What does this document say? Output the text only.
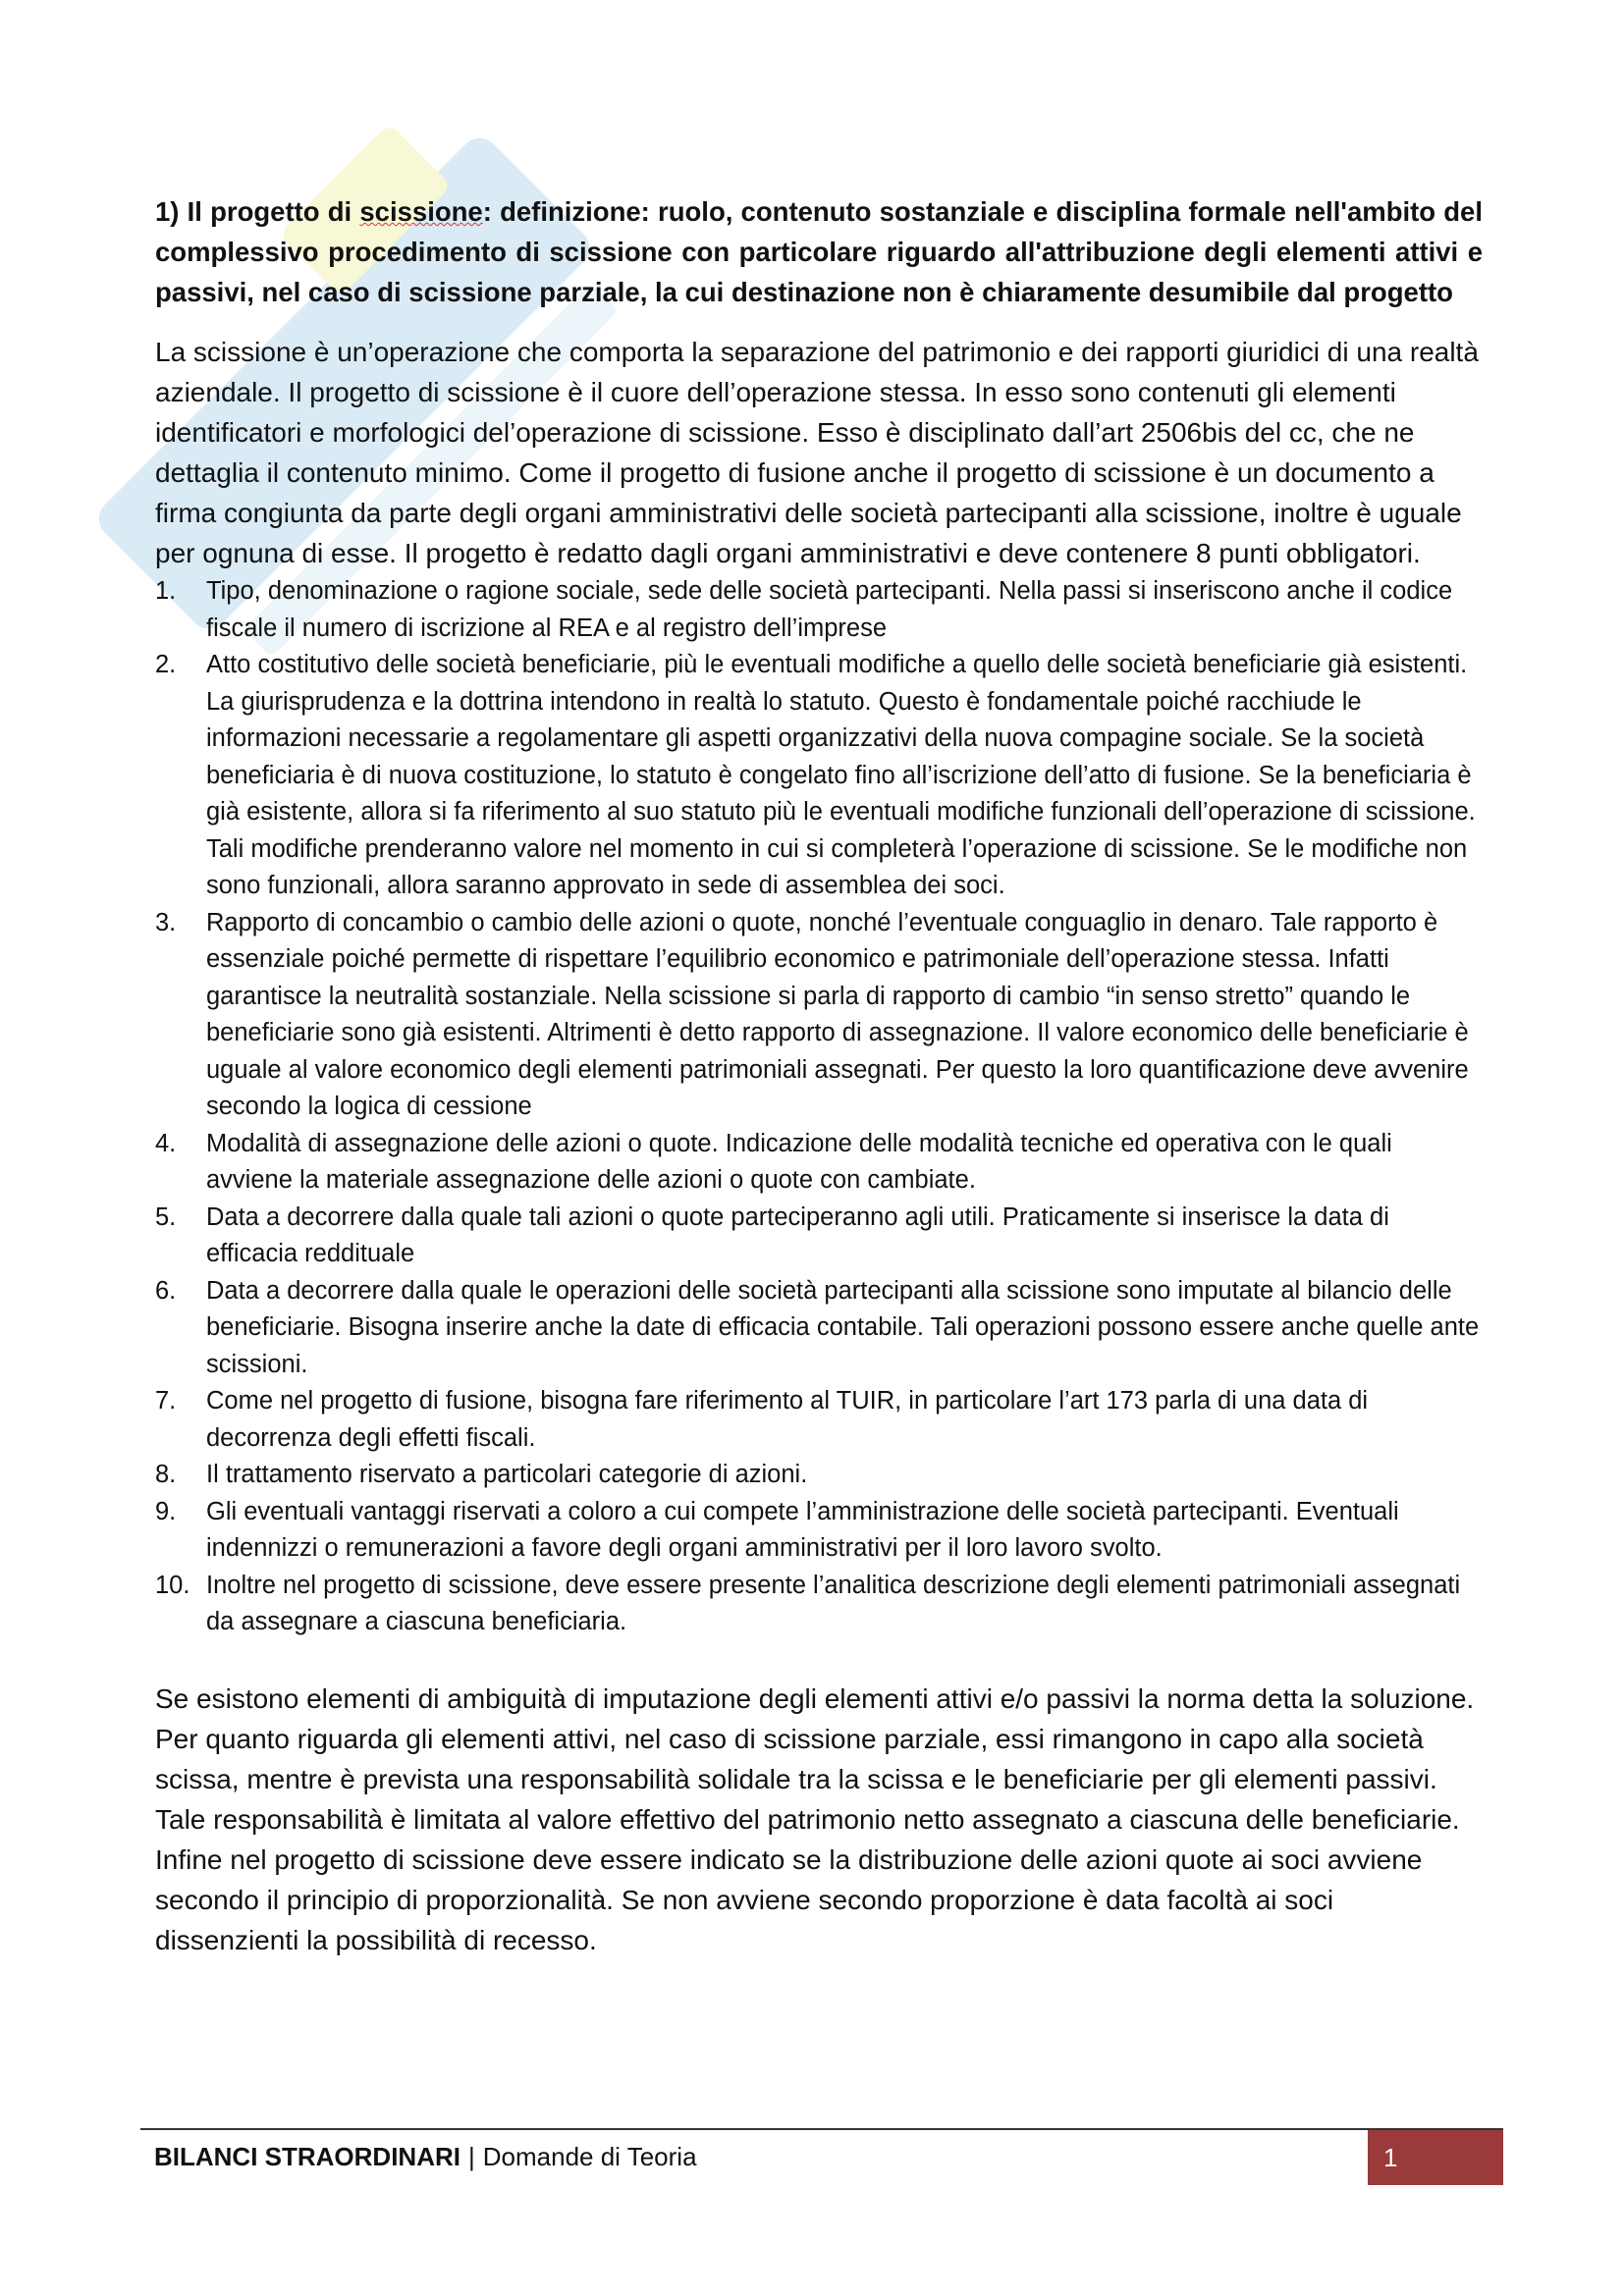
1) Il progetto di scissione: definizione: ruolo, contenuto sostanziale e disciplina formale nell'ambito del complessivo procedimento di scissione con particolare riguardo all'attribuzione degli elementi attivi e passivi, nel caso di scissione parziale, la cui destinazione non è chiaramente desumibile dal progetto

La scissione è un’operazione che comporta la separazione del patrimonio e dei rapporti giuridici di una realtà aziendale. Il progetto di scissione è il cuore dell’operazione stessa. In esso sono contenuti gli elementi identificatori e morfologici del’operazione di scissione. Esso è disciplinato dall’art 2506bis del cc, che ne dettaglia il contenuto minimo. Come il progetto di fusione anche il progetto di scissione è un documento a firma congiunta da parte degli organi amministrativi delle società partecipanti alla scissione, inoltre è uguale per ognuna di esse. Il progetto è redatto dagli organi amministrativi e deve contenere 8 punti obbligatori.

1. Tipo, denominazione o ragione sociale, sede delle società partecipanti. Nella passi si inseriscono anche il codice fiscale il numero di iscrizione al REA e al registro dell’imprese
2. Atto costitutivo delle società beneficiarie, più le eventuali modifiche a quello delle società beneficiarie già esistenti. La giurisprudenza e la dottrina intendono in realtà lo statuto. Questo è fondamentale poiché racchiude le informazioni necessarie a regolamentare gli aspetti organizzativi della nuova compagine sociale. Se la società beneficiaria è di nuova costituzione, lo statuto è congelato fino all’iscrizione dell’atto di fusione. Se la beneficiaria è già esistente, allora si fa riferimento al suo statuto più le eventuali modifiche funzionali dell’operazione di scissione. Tali modifiche prenderanno valore nel momento in cui si completerà l’operazione di scissione. Se le modifiche non sono funzionali, allora saranno approvato in sede di assemblea dei soci.
3. Rapporto di concambio o cambio delle azioni o quote, nonché l’eventuale conguaglio in denaro. Tale rapporto è essenziale poiché permette di rispettare l’equilibrio economico e patrimoniale dell’operazione stessa. Infatti garantisce la neutralità sostanziale. Nella scissione si parla di rapporto di cambio “in senso stretto” quando le beneficiarie sono già esistenti. Altrimenti è detto rapporto di assegnazione. Il valore economico delle beneficiarie è uguale al valore economico degli elementi patrimoniali assegnati. Per questo la loro quantificazione deve avvenire secondo la logica di cessione
4. Modalità di assegnazione delle azioni o quote. Indicazione delle modalità tecniche ed operativa con le quali avviene la materiale assegnazione delle azioni o quote con cambiate.
5. Data a decorrere dalla quale tali azioni o quote parteciperanno agli utili. Praticamente si inserisce la data di efficacia reddituale
6. Data a decorrere dalla quale le operazioni delle società partecipanti alla scissione sono imputate al bilancio delle beneficiarie. Bisogna inserire anche la date di efficacia contabile. Tali operazioni possono essere anche quelle ante scissioni.
7. Come nel progetto di fusione, bisogna fare riferimento al TUIR, in particolare l’art 173 parla di una data di decorrenza degli effetti fiscali.
8. Il trattamento riservato a particolari categorie di azioni.
9. Gli eventuali vantaggi riservati a coloro a cui compete l’amministrazione delle società partecipanti. Eventuali indennizzi o remunerazioni a favore degli organi amministrativi per il loro lavoro svolto.
10. Inoltre nel progetto di scissione, deve essere presente l’analitica descrizione degli elementi patrimoniali assegnati da assegnare a ciascuna beneficiaria.

Se esistono elementi di ambiguità di imputazione degli elementi attivi e/o passivi la norma detta la soluzione. Per quanto riguarda gli elementi attivi, nel caso di scissione parziale, essi rimangono in capo alla società scissa, mentre è prevista una responsabilità solidale tra la scissa e le beneficiarie per gli elementi passivi. Tale responsabilità è limitata al valore effettivo del patrimonio netto assegnato a ciascuna delle beneficiarie. Infine nel progetto di scissione deve essere indicato se la distribuzione delle azioni quote ai soci avviene secondo il principio di proporzionalità. Se non avviene secondo proporzione è data facoltà ai soci dissenzienti la possibilità di recesso.

BILANCI STRAORDINARI | Domande di Teoria	1
